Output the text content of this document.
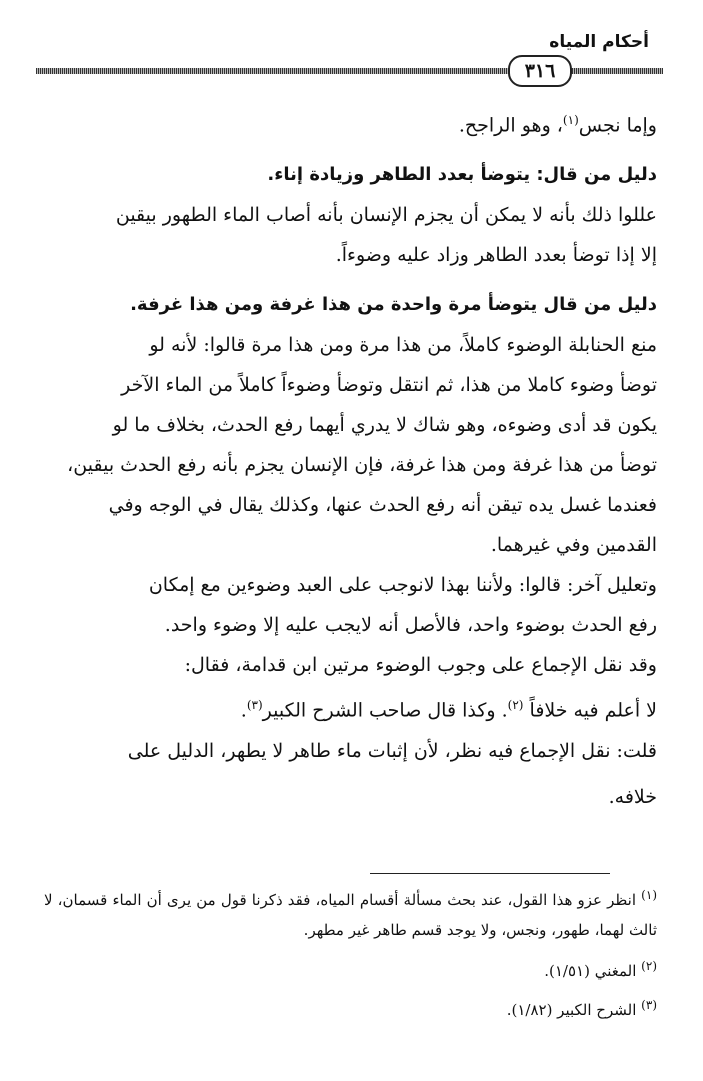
أحكام المياه
٣١٦

وإما نجس$^{(١)}$، وهو الراجح.

دليل من قال: يتوضأ بعدد الطاهر وزيادة إناء.

عللوا ذلك بأنه لا يمكن أن يجزم الإنسان بأنه أصاب الماء الطهور بيقين

إلا إذا توضأ بعدد الطاهر وزاد عليه وضوءاً.

دليل من قال يتوضأ مرة واحدة من هذا غرفة ومن هذا غرفة.

منع الحنابلة الوضوء كاملاً، من هذا مرة ومن هذا مرة قالوا: لأنه لو

توضأ وضوء كاملا من هذا، ثم انتقل وتوضأ وضوءاً كاملاً من الماء الآخر

يكون قد أدى وضوءه، وهو شاك لا يدري أيهما رفع الحدث، بخلاف ما لو

توضأ من هذا غرفة ومن هذا غرفة، فإن الإنسان يجزم بأنه رفع الحدث بيقين،

فعندما غسل يده تيقن أنه رفع الحدث عنها، وكذلك يقال في الوجه وفي

القدمين وفي غيرهما.

وتعليل آخر: قالوا: ولأننا بهذا لانوجب على العبد وضوءين مع إمكان

رفع الحدث بوضوء واحد، فالأصل أنه لايجب عليه إلا وضوء واحد.

وقد نقل الإجماع على وجوب الوضوء مرتين ابن قدامة، فقال:

لا أعلم فيه خلافاً $^{(٢)}$. وكذا قال صاحب الشرح الكبير$^{(٣)}$.

قلت: نقل الإجماع فيه نظر، لأن إثبات ماء طاهر لا يطهر، الدليل على

خلافه.

$^{(١)}$ انظر عزو هذا القول، عند بحث مسألة أقسام المياه، فقد ذكرنا قول من يرى أن الماء قسمان، لا ثالث لهما، طهور، ونجس، ولا يوجد قسم طاهر غير مطهر.

$^{(٢)}$ المغني (١/٥١).

$^{(٣)}$ الشرح الكبير (١/٨٢).
